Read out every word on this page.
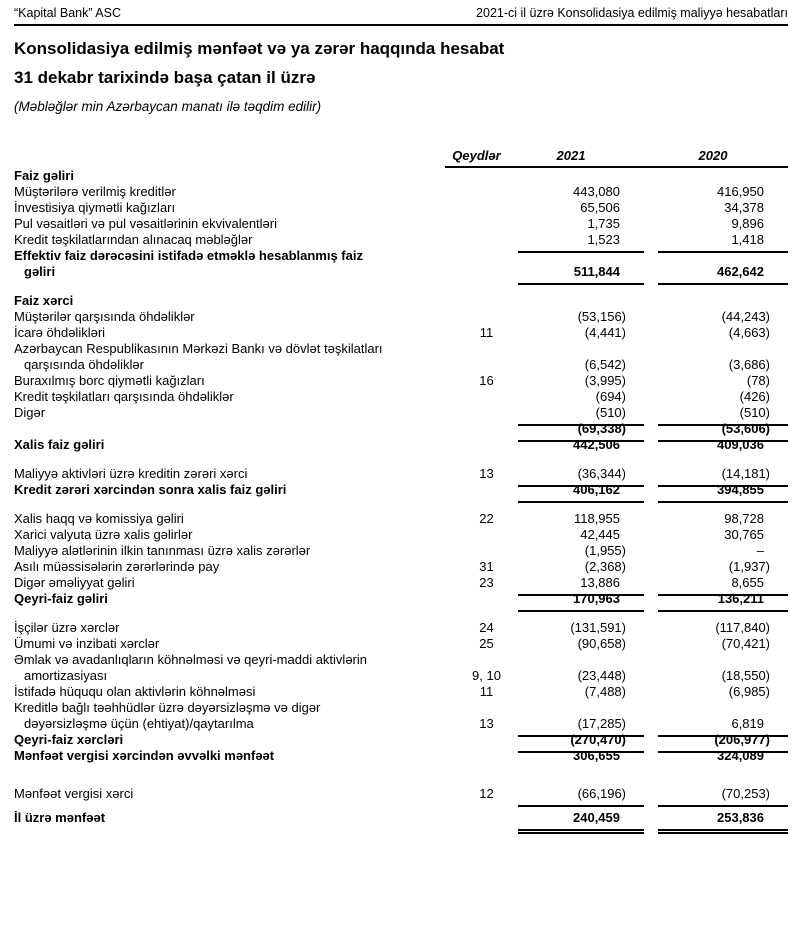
“Kapital Bank” ASC	2021-ci il üzrə Konsolidasiya edilmiş maliyyə hesabatları
Konsolidasiya edilmiş mənfəət və ya zərər haqqında hesabat
31 dekabr tarixində başa çatan il üzrə
(Məbləğlər min Azərbaycan manatı ilə təqdim edilir)
Qeydlər	2021	2020
Faiz gəliri
Müştərilərə verilmiş kreditlər	443,080	416,950
İnvestisiya qiymətli kağızları	65,506	34,378
Pul vəsaitləri və pul vəsaitlərinin ekvivalentləri	1,735	9,896
Kredit təşkilatlarından alınacaq məbləğlər	1,523	1,418
Effektiv faiz dərəcəsini istifadə etməklə hesablanmış faiz
gəliri	511,844	462,642
Faiz xərci
Müştərilər qarşısında öhdəliklər	(53,156)	(44,243)
İcarə öhdəlikləri	11	(4,441)	(4,663)
Azərbaycan Respublikasının Mərkəzi Bankı və dövlət təşkilatları
qarşısında öhdəliklər	(6,542)	(3,686)
Buraxılmış borc qiymətli kağızları	16	(3,995)	(78)
Kredit təşkilatları qarşısında öhdəliklər	(694)	(426)
Digər	(510)	(510)
(69,338)	(53,606)
Xalis faiz gəliri	442,506	409,036
Maliyyə aktivləri üzrə kreditin zərəri xərci	13	(36,344)	(14,181)
Kredit zərəri xərcindən sonra xalis faiz gəliri	406,162	394,855
Xalis haqq və komissiya gəliri	22	118,955	98,728
Xarici valyuta üzrə xalis gəlirlər	42,445	30,765
Maliyyə alətlərinin ilkin tanınması üzrə xalis zərərlər	(1,955)	–
Asılı müəssisələrin zərərlərində pay	31	(2,368)	(1,937)
Digər əməliyyat gəliri	23	13,886	8,655
Qeyri-faiz gəliri	170,963	136,211
İşçilər üzrə xərclər	24	(131,591)	(117,840)
Ümumi və inzibati xərclər	25	(90,658)	(70,421)
Əmlak və avadanlıqların köhnəlməsi və qeyri-maddi aktivlərin
amortizasiyası	9, 10	(23,448)	(18,550)
İstifadə hüququ olan aktivlərin köhnəlməsi	11	(7,488)	(6,985)
Kreditlə bağlı təəhhüdlər üzrə dəyərsizləşmə və digər
dəyərsizləşmə üçün (ehtiyat)/qaytarılma	13	(17,285)	6,819
Qeyri-faiz xərcləri	(270,470)	(206,977)
Mənfəət vergisi xərcindən əvvəlki mənfəət	306,655	324,089
Mənfəət vergisi xərci	12	(66,196)	(70,253)
İl üzrə mənfəət	240,459	253,836
